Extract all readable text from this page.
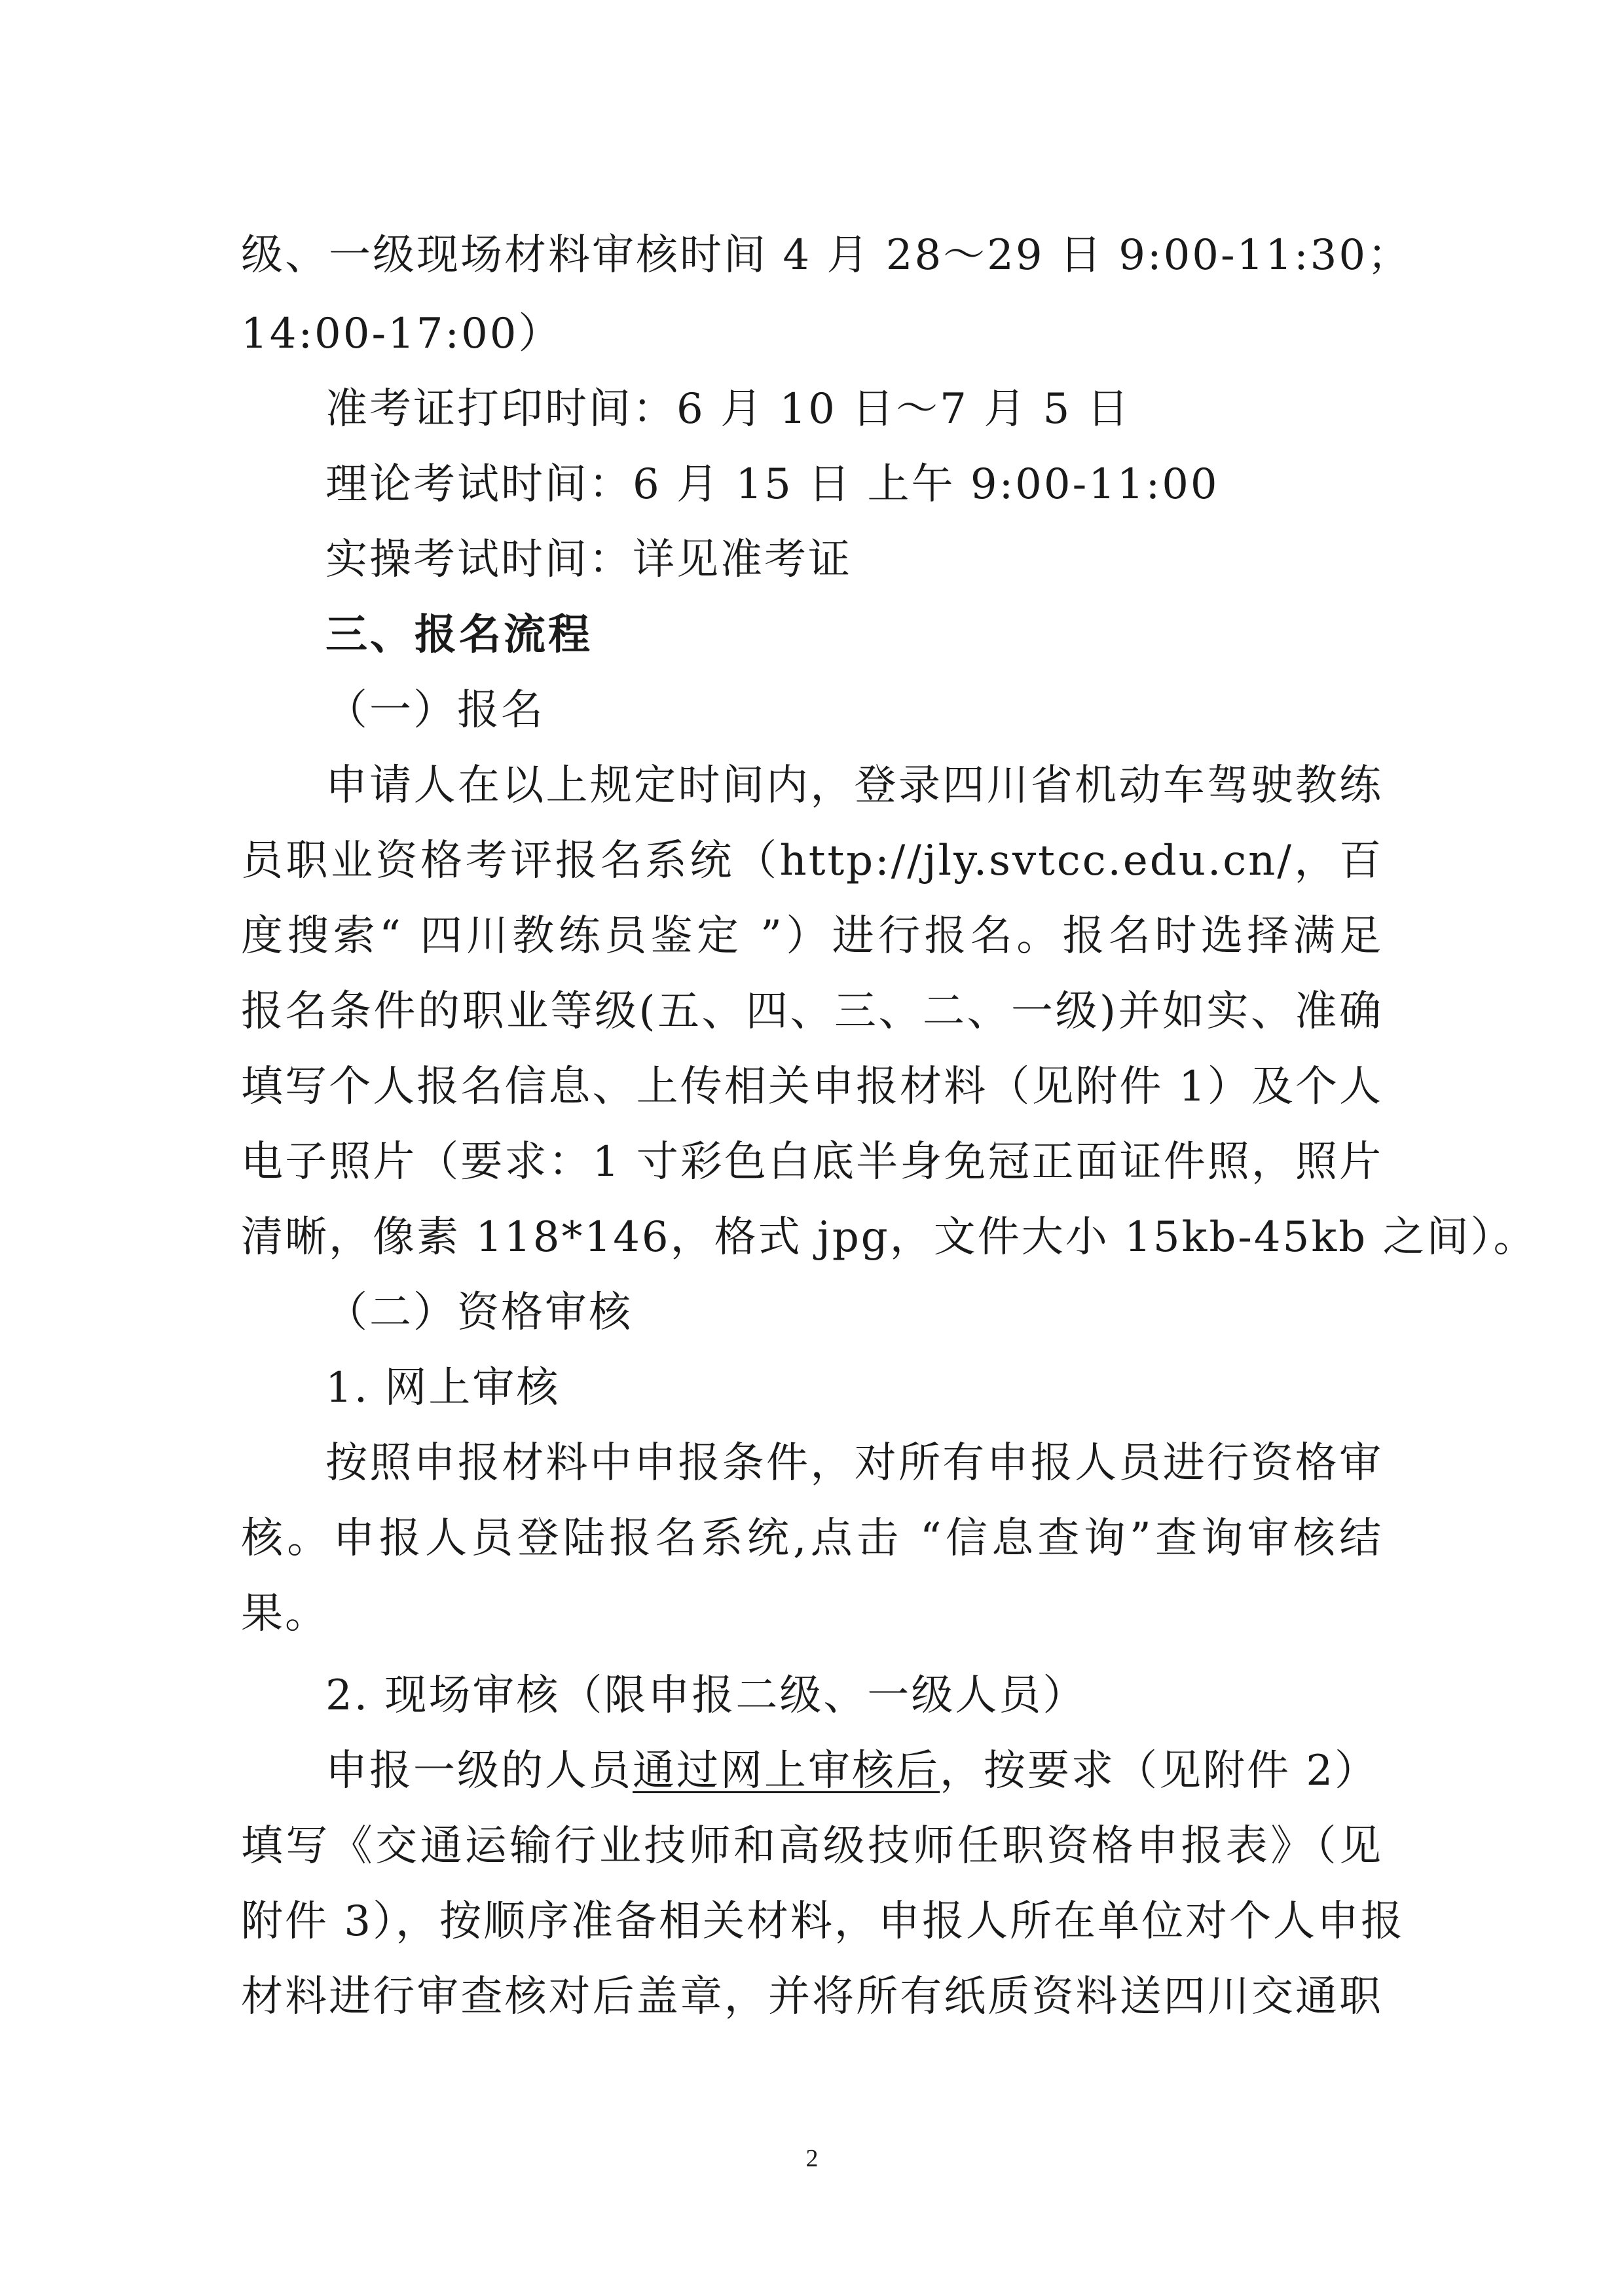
级、一级现场材料审核时间 4 月 28～29 日 9:00-11:30；
14:00-17:00）
准考证打印时间：6 月 10 日～7 月 5 日
理论考试时间：6 月 15 日 上午 9:00-11:00
实操考试时间：详见准考证
三、报名流程
（一）报名
申请人在以上规定时间内，登录四川省机动车驾驶教练
员职业资格考评报名系统（http://jly.svtcc.edu.cn/，百
度搜索“ 四川教练员鉴定 ”）进行报名。报名时选择满足
报名条件的职业等级(五、四、三、二、一级)并如实、准确
填写个人报名信息、上传相关申报材料（见附件 1）及个人
电子照片（要求：1 寸彩色白底半身免冠正面证件照，照片
清晰，像素 118*146，格式 jpg，文件大小 15kb-45kb 之间）。
（二）资格审核
1. 网上审核
按照申报材料中申报条件，对所有申报人员进行资格审
核。申报人员登陆报名系统,点击 “信息查询”查询审核结
果。
2. 现场审核（限申报二级、一级人员）
申报一级的人员通过网上审核后，按要求（见附件 2）
填写《交通运输行业技师和高级技师任职资格申报表》（见
附件 3），按顺序准备相关材料，申报人所在单位对个人申报
材料进行审查核对后盖章，并将所有纸质资料送四川交通职
2
